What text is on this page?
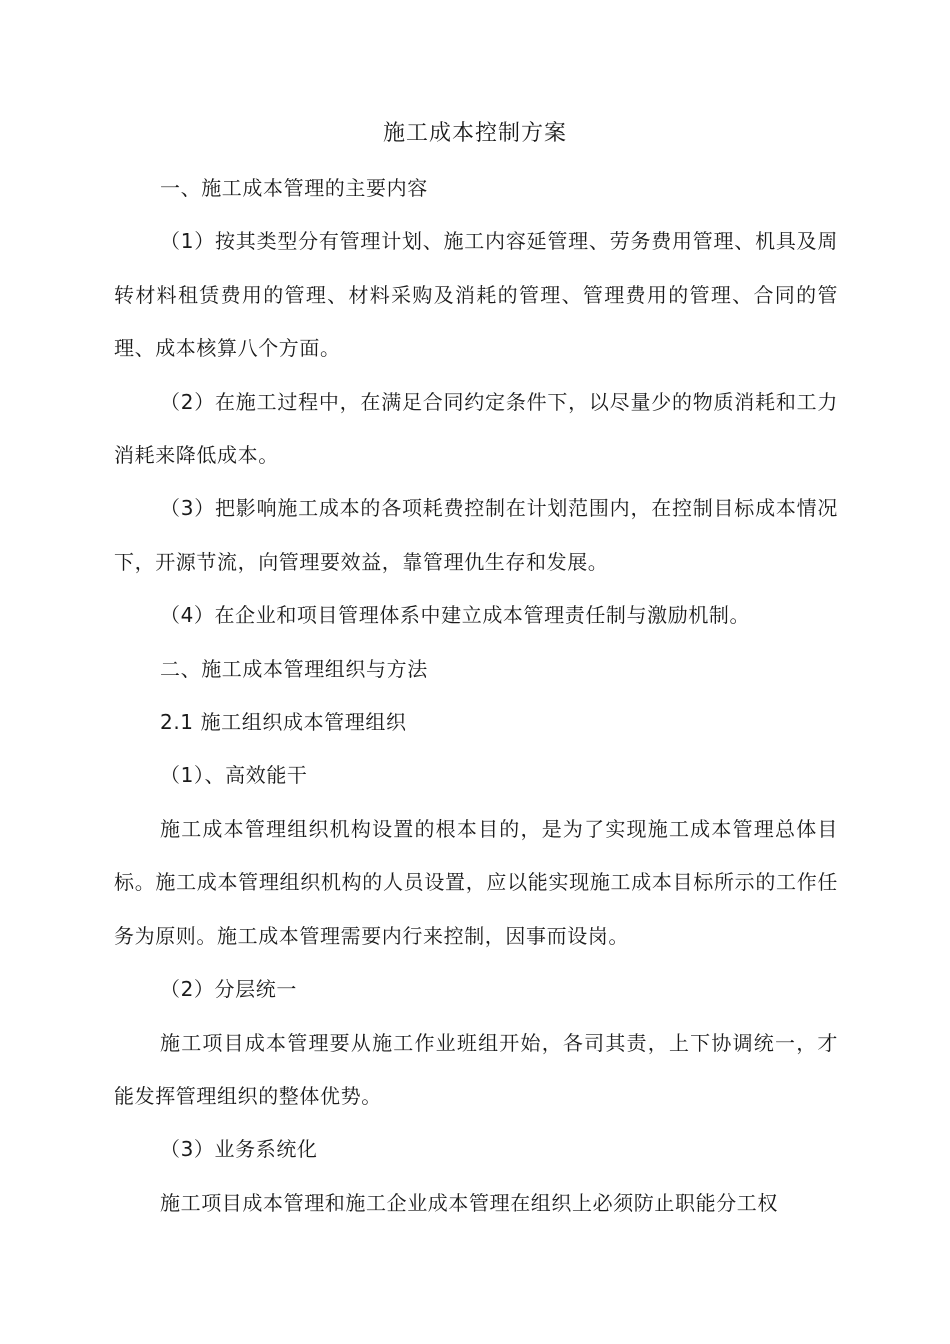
施工成本控制方案

一、施工成本管理的主要内容

（1）按其类型分有管理计划、施工内容延管理、劳务费用管理、机具及周转材料租赁费用的管理、材料采购及消耗的管理、管理费用的管理、合同的管理、成本核算八个方面。

（2）在施工过程中，在满足合同约定条件下，以尽量少的物质消耗和工力消耗来降低成本。

（3）把影响施工成本的各项耗费控制在计划范围内，在控制目标成本情况下，开源节流，向管理要效益，靠管理仇生存和发展。

（4）在企业和项目管理体系中建立成本管理责任制与激励机制。

二、施工成本管理组织与方法

2.1 施工组织成本管理组织

（1）、高效能干

施工成本管理组织机构设置的根本目的，是为了实现施工成本管理总体目标。施工成本管理组织机构的人员设置，应以能实现施工成本目标所示的工作任务为原则。施工成本管理需要内行来控制，因事而设岗。

（2）分层统一

施工项目成本管理要从施工作业班组开始，各司其责，上下协调统一，才能发挥管理组织的整体优势。

（3）业务系统化

施工项目成本管理和施工企业成本管理在组织上必须防止职能分工权
